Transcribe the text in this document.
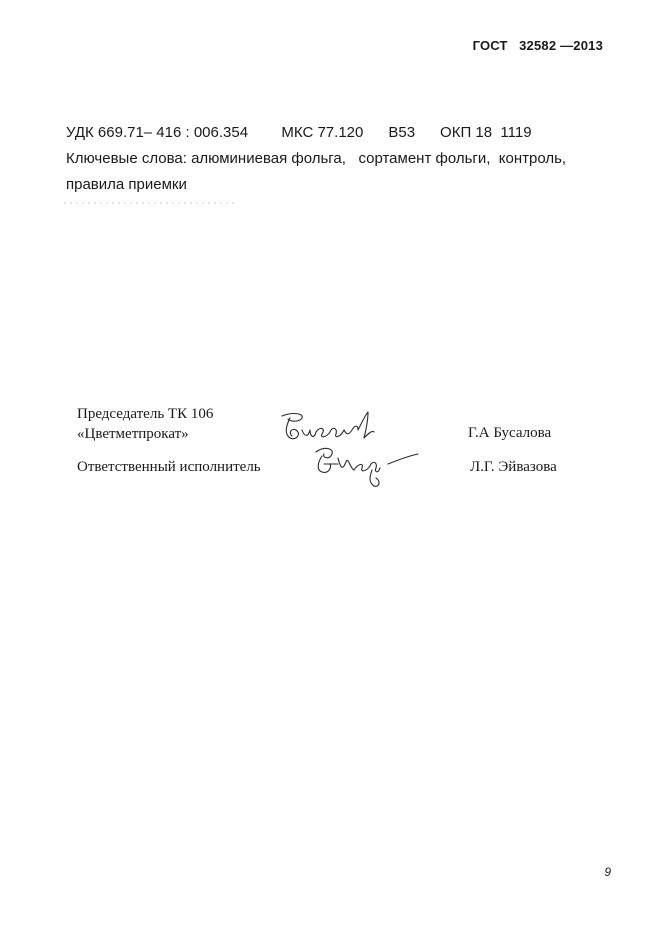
ГОСТ   32582 —2013
УДК 669.71– 416 : 006.354        МКС 77.120      В53      ОКП 18  1119
Ключевые слова: алюминиевая фольга,   сортамент фольги,  контроль,
правила приемки
Председатель ТК 106
«Цветметпрокат»	Г.А Бусалова
Ответственный исполнитель	Л.Г. Эйвазова
9
